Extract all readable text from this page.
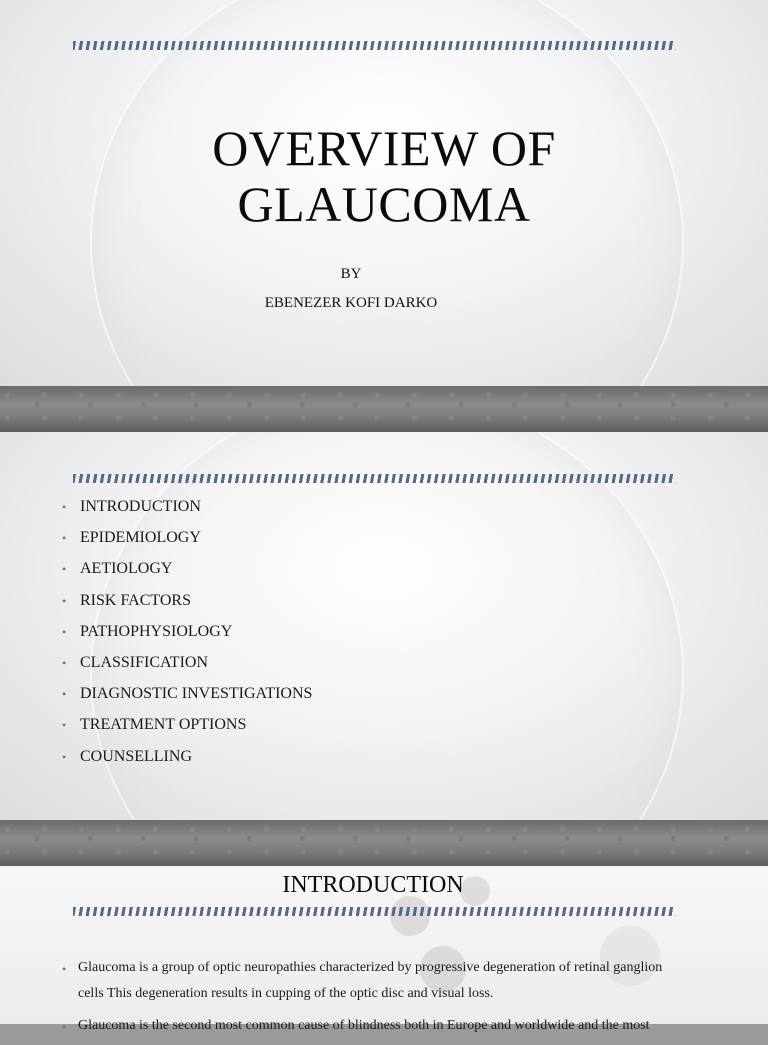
OVERVIEW OF
GLAUCOMA
BY
EBENEZER KOFI DARKO
• INTRODUCTION
• EPIDEMIOLOGY
• AETIOLOGY
• RISK FACTORS
• PATHOPHYSIOLOGY
• CLASSIFICATION
• DIAGNOSTIC INVESTIGATIONS
• TREATMENT OPTIONS
• COUNSELLING
INTRODUCTION

• Glaucoma is a group of optic neuropathies characterized by progressive degeneration of retinal ganglion cells This degeneration results in cupping of the optic disc and visual loss.

• Glaucoma is the second most common cause of blindness both in Europe and worldwide and the most
